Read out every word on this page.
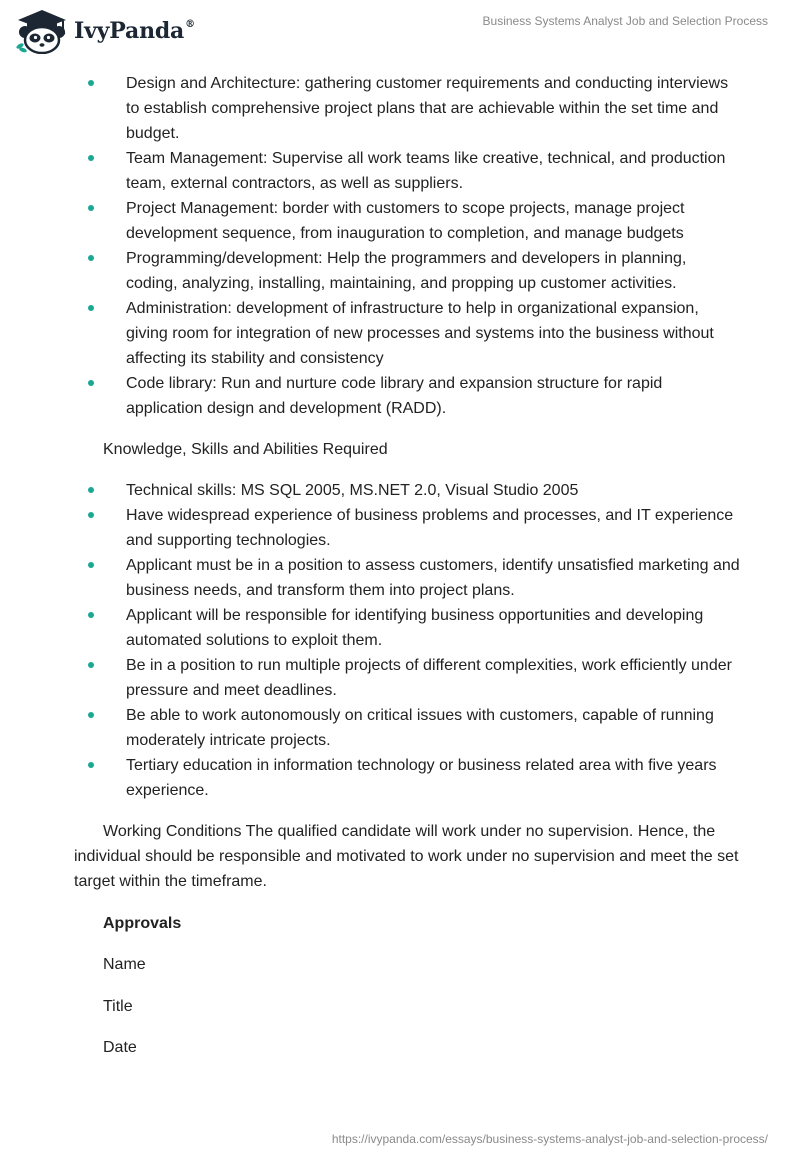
IvyPanda®	Business Systems Analyst Job and Selection Process
Design and Architecture: gathering customer requirements and conducting interviews to establish comprehensive project plans that are achievable within the set time and budget.
Team Management: Supervise all work teams like creative, technical, and production team, external contractors, as well as suppliers.
Project Management: border with customers to scope projects, manage project development sequence, from inauguration to completion, and manage budgets
Programming/development: Help the programmers and developers in planning, coding, analyzing, installing, maintaining, and propping up customer activities.
Administration: development of infrastructure to help in organizational expansion, giving room for integration of new processes and systems into the business without affecting its stability and consistency
Code library: Run and nurture code library and expansion structure for rapid application design and development (RADD).
Knowledge, Skills and Abilities Required
Technical skills: MS SQL 2005, MS.NET 2.0, Visual Studio 2005
Have widespread experience of business problems and processes, and IT experience and supporting technologies.
Applicant must be in a position to assess customers, identify unsatisfied marketing and business needs, and transform them into project plans.
Applicant will be responsible for identifying business opportunities and developing automated solutions to exploit them.
Be in a position to run multiple projects of different complexities, work efficiently under pressure and meet deadlines.
Be able to work autonomously on critical issues with customers, capable of running moderately intricate projects.
Tertiary education in information technology or business related area with five years experience.
Working Conditions The qualified candidate will work under no supervision. Hence, the individual should be responsible and motivated to work under no supervision and meet the set target within the timeframe.
Approvals
Name
Title
Date
https://ivypanda.com/essays/business-systems-analyst-job-and-selection-process/
